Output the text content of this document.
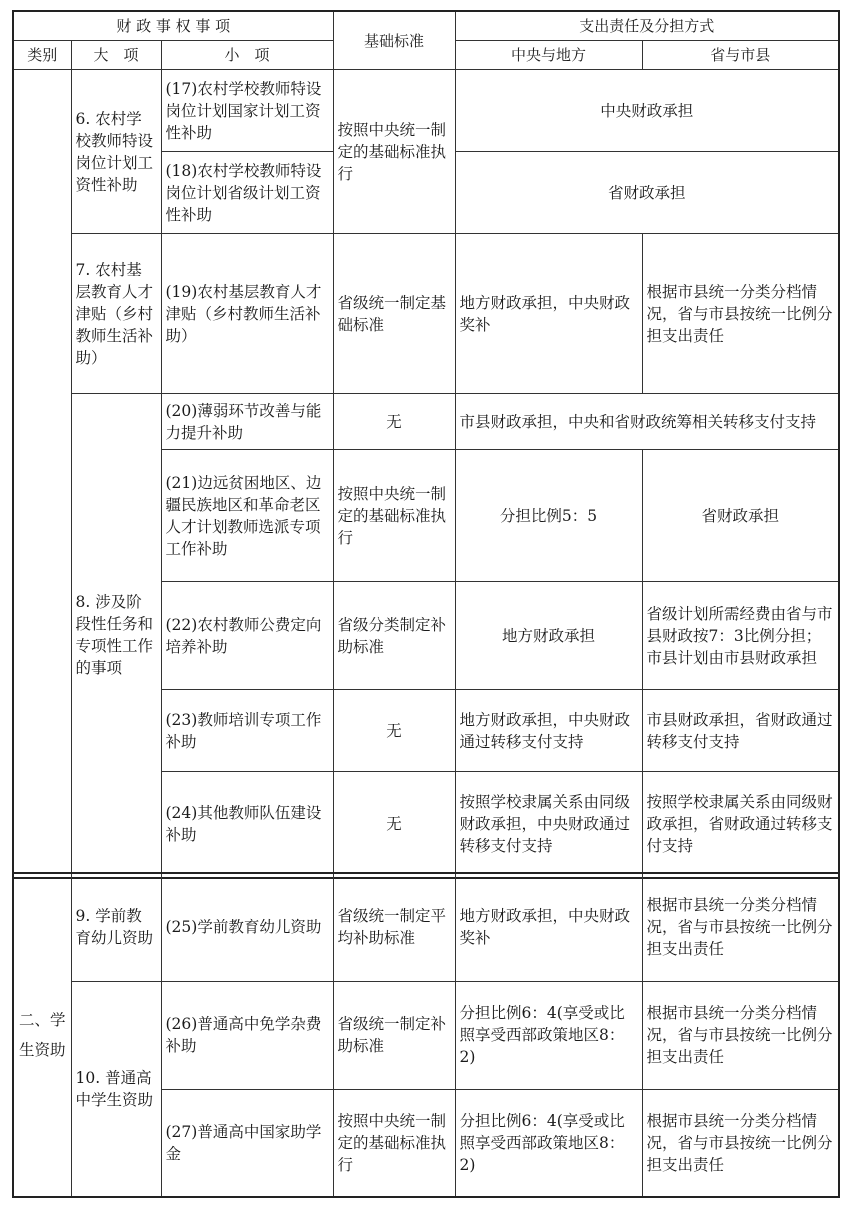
财 政 事 权 事 项			基础标准	支出责任及分担方式	
类别	大　项	小　项		中央与地方	省与市县
	6. 农村学校教师特设岗位计划工资性补助	(17)农村学校教师特设岗位计划国家计划工资性补助	按照中央统一制定的基础标准执行	中央财政承担	
		(18)农村学校教师特设岗位计划省级计划工资性补助		省财政承担	
	7. 农村基层教育人才津贴（乡村教师生活补助）	(19)农村基层教育人才津贴（乡村教师生活补助）	省级统一制定基础标准	地方财政承担，中央财政奖补	根据市县统一分类分档情况，省与市县按统一比例分担支出责任
	8. 涉及阶段性任务和专项性工作的事项	(20)薄弱环节改善与能力提升补助	无	市县财政承担，中央和省财政统筹相关转移支付支持	
		(21)边远贫困地区、边疆民族地区和革命老区人才计划教师选派专项工作补助	按照中央统一制定的基础标准执行	分担比例5：5	省财政承担
		(22)农村教师公费定向培养补助	省级分类制定补助标准	地方财政承担	省级计划所需经费由省与市县财政按7：3比例分担；市县计划由市县财政承担
		(23)教师培训专项工作补助	无	地方财政承担，中央财政通过转移支付支持	市县财政承担，省财政通过转移支付支持
		(24)其他教师队伍建设补助	无	按照学校隶属关系由同级财政承担，中央财政通过转移支付支持	按照学校隶属关系由同级财政承担，省财政通过转移支付支持
二、学生资助	9. 学前教育幼儿资助	(25)学前教育幼儿资助	省级统一制定平均补助标准	地方财政承担，中央财政奖补	根据市县统一分类分档情况，省与市县按统一比例分担支出责任
	10. 普通高中学生资助	(26)普通高中免学杂费补助	省级统一制定补助标准	分担比例6：4(享受或比照享受西部政策地区8：2)	根据市县统一分类分档情况，省与市县按统一比例分担支出责任
		(27)普通高中国家助学金	按照中央统一制定的基础标准执行	分担比例6：4(享受或比照享受西部政策地区8：2)	根据市县统一分类分档情况，省与市县按统一比例分担支出责任
